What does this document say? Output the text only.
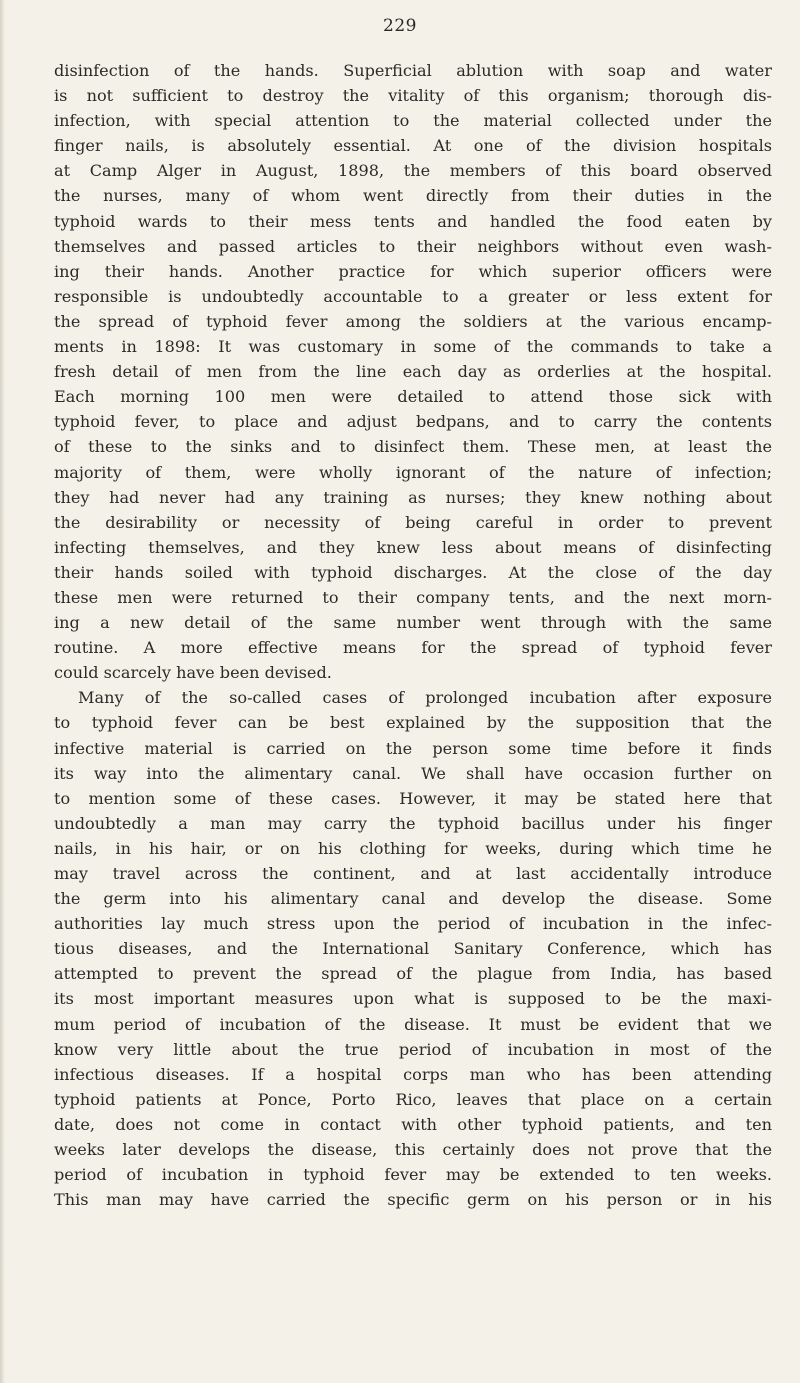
229
disinfection of the hands. Superficial ablution with soap and water
is not sufficient to destroy the vitality of this organism; thorough dis-
infection, with special attention to the material collected under the
finger nails, is absolutely essential. At one of the division hospitals
at Camp Alger in August, 1898, the members of this board observed
the nurses, many of whom went directly from their duties in the
typhoid wards to their mess tents and handled the food eaten by
themselves and passed articles to their neighbors without even wash-
ing their hands. Another practice for which superior officers were
responsible is undoubtedly accountable to a greater or less extent for
the spread of typhoid fever among the soldiers at the various encamp-
ments in 1898: It was customary in some of the commands to take a
fresh detail of men from the line each day as orderlies at the hospital.
Each morning 100 men were detailed to attend those sick with
typhoid fever, to place and adjust bedpans, and to carry the contents
of these to the sinks and to disinfect them. These men, at least the
majority of them, were wholly ignorant of the nature of infection;
they had never had any training as nurses; they knew nothing about
the desirability or necessity of being careful in order to prevent
infecting themselves, and they knew less about means of disinfecting
their hands soiled with typhoid discharges. At the close of the day
these men were returned to their company tents, and the next morn-
ing a new detail of the same number went through with the same
routine. A more effective means for the spread of typhoid fever
could scarcely have been devised.
Many of the so-called cases of prolonged incubation after exposure
to typhoid fever can be best explained by the supposition that the
infective material is carried on the person some time before it finds
its way into the alimentary canal. We shall have occasion further on
to mention some of these cases. However, it may be stated here that
undoubtedly a man may carry the typhoid bacillus under his finger
nails, in his hair, or on his clothing for weeks, during which time he
may travel across the continent, and at last accidentally introduce
the germ into his alimentary canal and develop the disease. Some
authorities lay much stress upon the period of incubation in the infec-
tious diseases, and the International Sanitary Conference, which has
attempted to prevent the spread of the plague from India, has based
its most important measures upon what is supposed to be the maxi-
mum period of incubation of the disease. It must be evident that we
know very little about the true period of incubation in most of the
infectious diseases. If a hospital corps man who has been attending
typhoid patients at Ponce, Porto Rico, leaves that place on a certain
date, does not come in contact with other typhoid patients, and ten
weeks later develops the disease, this certainly does not prove that the
period of incubation in typhoid fever may be extended to ten weeks.
This man may have carried the specific germ on his person or in his
